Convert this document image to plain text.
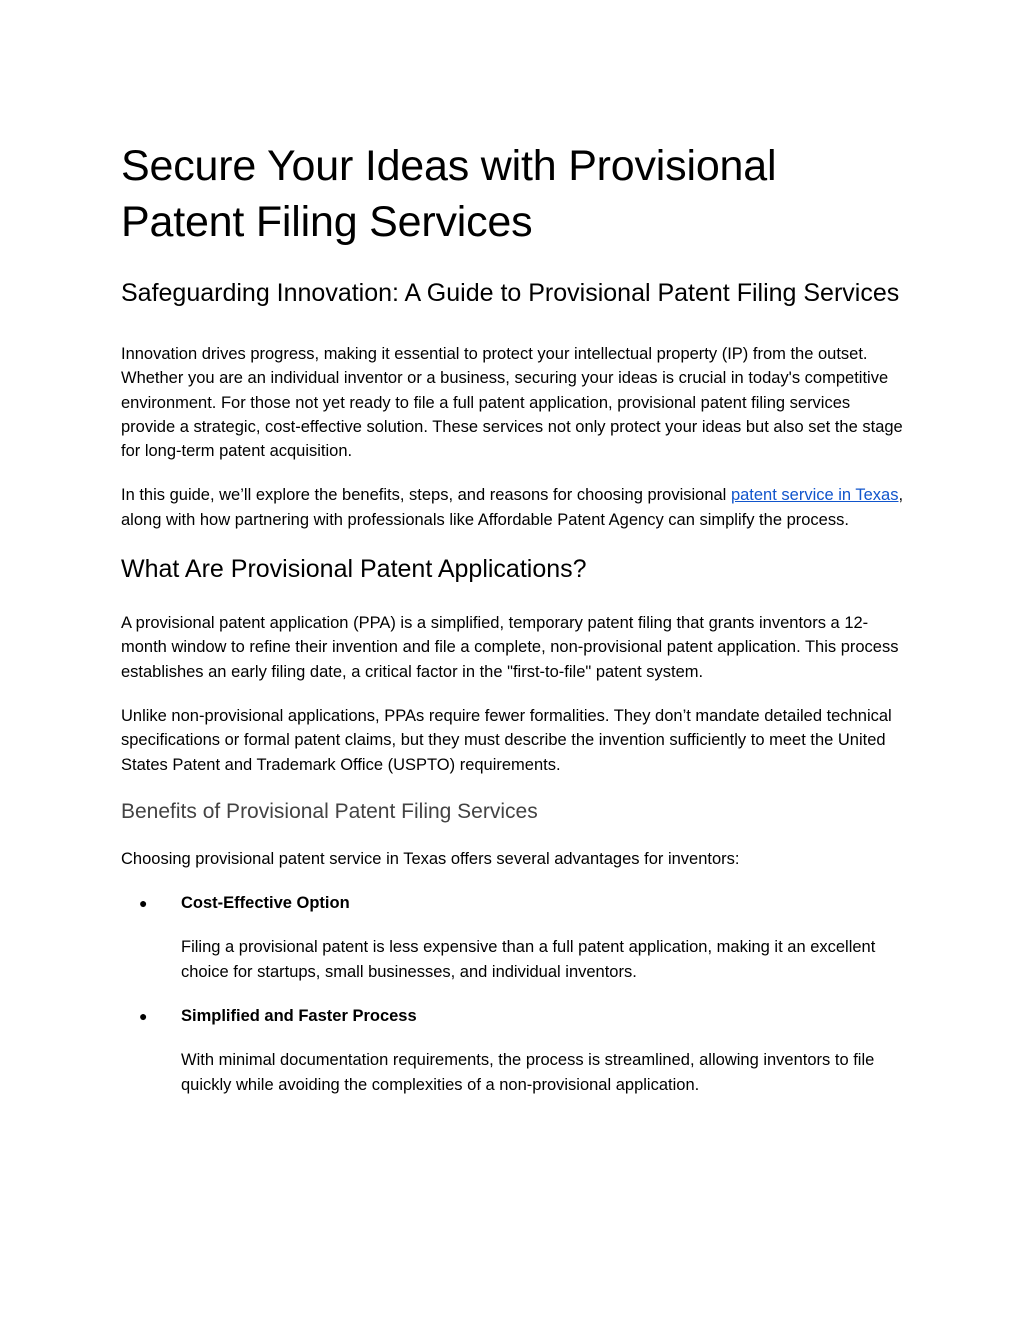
Secure Your Ideas with Provisional Patent Filing Services
Safeguarding Innovation: A Guide to Provisional Patent Filing Services

Innovation drives progress, making it essential to protect your intellectual property (IP) from the outset. Whether you are an individual inventor or a business, securing your ideas is crucial in today's competitive environment. For those not yet ready to file a full patent application, provisional patent filing services provide a strategic, cost-effective solution. These services not only protect your ideas but also set the stage for long-term patent acquisition.

In this guide, we’ll explore the benefits, steps, and reasons for choosing provisional patent service in Texas, along with how partnering with professionals like Affordable Patent Agency can simplify the process.

What Are Provisional Patent Applications?

A provisional patent application (PPA) is a simplified, temporary patent filing that grants inventors a 12-month window to refine their invention and file a complete, non-provisional patent application. This process establishes an early filing date, a critical factor in the "first-to-file" patent system.

Unlike non-provisional applications, PPAs require fewer formalities. They don’t mandate detailed technical specifications or formal patent claims, but they must describe the invention sufficiently to meet the United States Patent and Trademark Office (USPTO) requirements.

Benefits of Provisional Patent Filing Services

Choosing provisional patent service in Texas offers several advantages for inventors:

● Cost-Effective Option
Filing a provisional patent is less expensive than a full patent application, making it an excellent choice for startups, small businesses, and individual inventors.
● Simplified and Faster Process
With minimal documentation requirements, the process is streamlined, allowing inventors to file quickly while avoiding the complexities of a non-provisional application.
